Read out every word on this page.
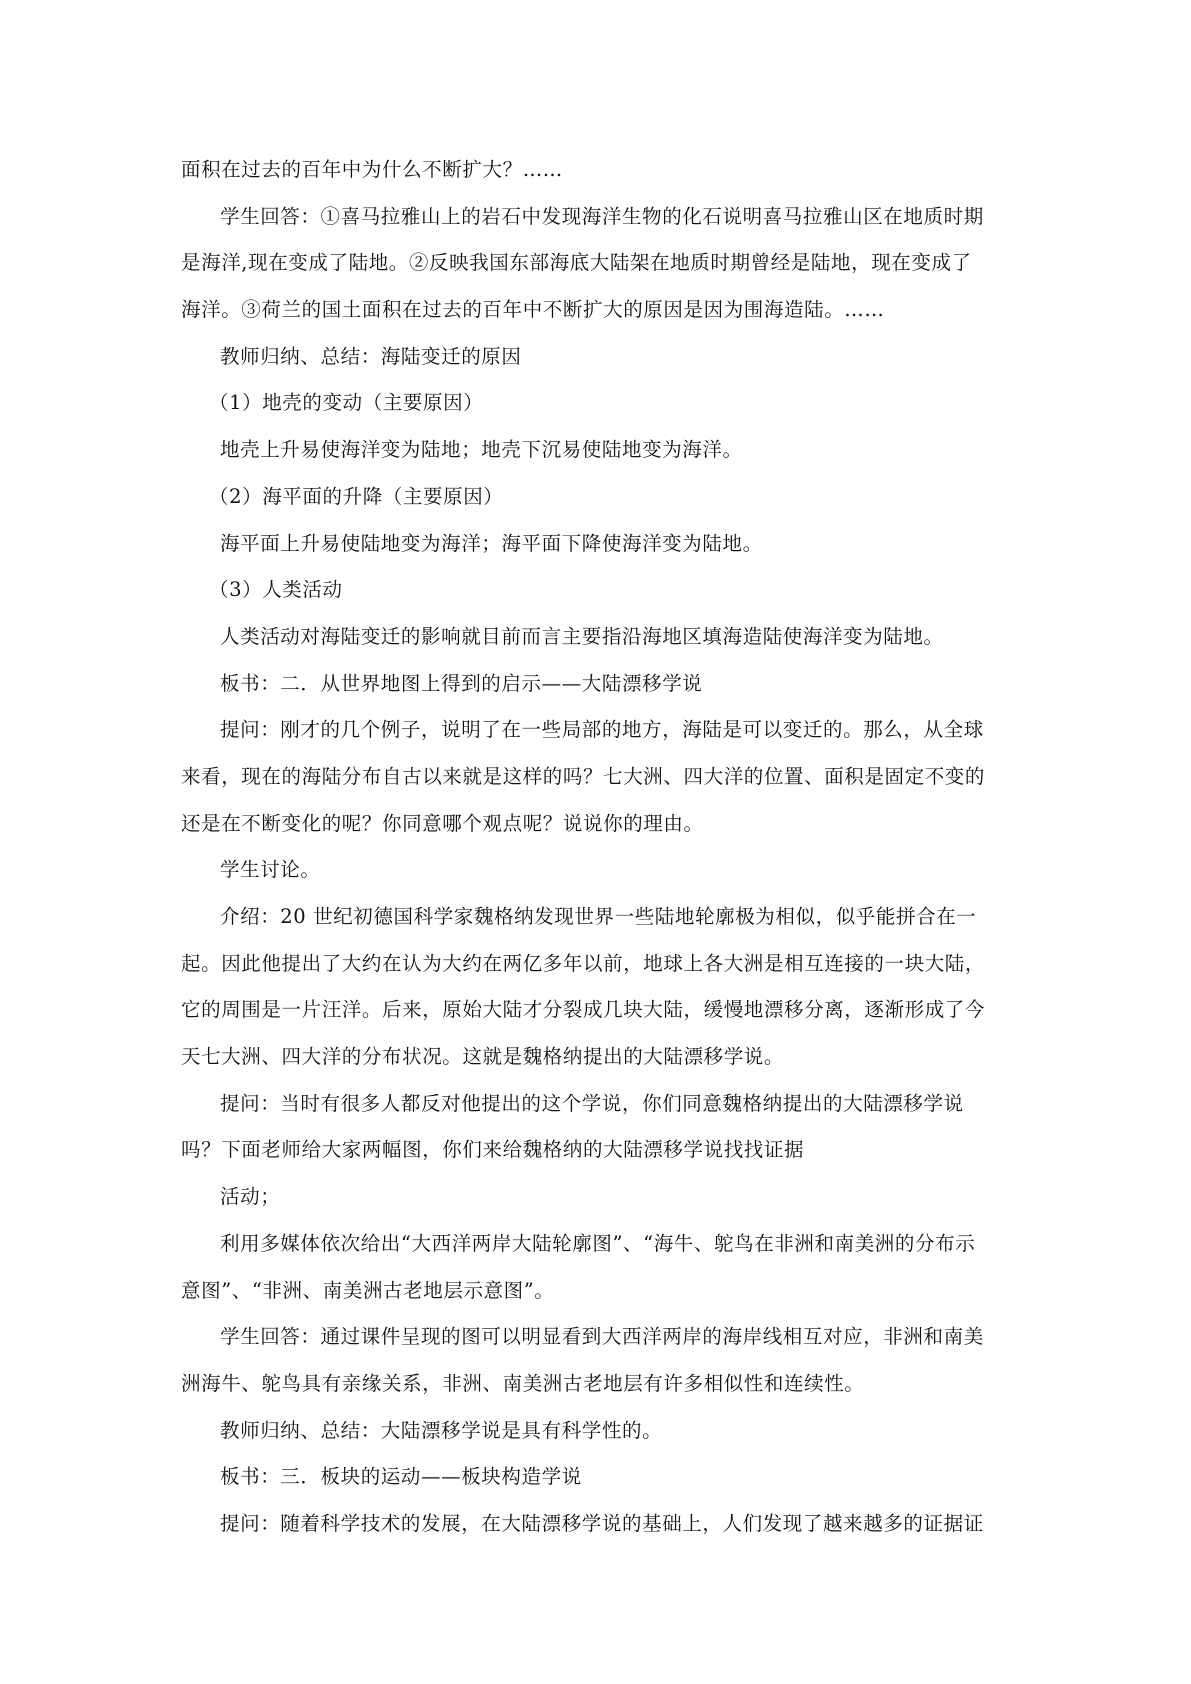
面积在过去的百年中为什么不断扩大？……
学生回答：①喜马拉雅山上的岩石中发现海洋生物的化石说明喜马拉雅山区在地质时期
是海洋,现在变成了陆地。②反映我国东部海底大陆架在地质时期曾经是陆地，现在变成了
海洋。③荷兰的国土面积在过去的百年中不断扩大的原因是因为围海造陆。……
教师归纳、总结：海陆变迁的原因
（1）地壳的变动（主要原因）
地壳上升易使海洋变为陆地；地壳下沉易使陆地变为海洋。
（2）海平面的升降（主要原因）
海平面上升易使陆地变为海洋；海平面下降使海洋变为陆地。
（3）人类活动
人类活动对海陆变迁的影响就目前而言主要指沿海地区填海造陆使海洋变为陆地。
板书：二．从世界地图上得到的启示——大陆漂移学说
提问：刚才的几个例子，说明了在一些局部的地方，海陆是可以变迁的。那么，从全球
来看，现在的海陆分布自古以来就是这样的吗？七大洲、四大洋的位置、面积是固定不变的
还是在不断变化的呢？你同意哪个观点呢？说说你的理由。
学生讨论。
介绍：20 世纪初德国科学家魏格纳发现世界一些陆地轮廓极为相似，似乎能拼合在一
起。因此他提出了大约在认为大约在两亿多年以前，地球上各大洲是相互连接的一块大陆，
它的周围是一片汪洋。后来，原始大陆才分裂成几块大陆，缓慢地漂移分离，逐渐形成了今
天七大洲、四大洋的分布状况。这就是魏格纳提出的大陆漂移学说。
提问：当时有很多人都反对他提出的这个学说，你们同意魏格纳提出的大陆漂移学说
吗？下面老师给大家两幅图，你们来给魏格纳的大陆漂移学说找找证据
活动；
利用多媒体依次给出“大西洋两岸大陆轮廓图”、“海牛、鸵鸟在非洲和南美洲的分布示
意图”、“非洲、南美洲古老地层示意图”。
学生回答：通过课件呈现的图可以明显看到大西洋两岸的海岸线相互对应，非洲和南美
洲海牛、鸵鸟具有亲缘关系，非洲、南美洲古老地层有许多相似性和连续性。
教师归纳、总结：大陆漂移学说是具有科学性的。
板书：三．板块的运动——板块构造学说
提问：随着科学技术的发展，在大陆漂移学说的基础上，人们发现了越来越多的证据证
